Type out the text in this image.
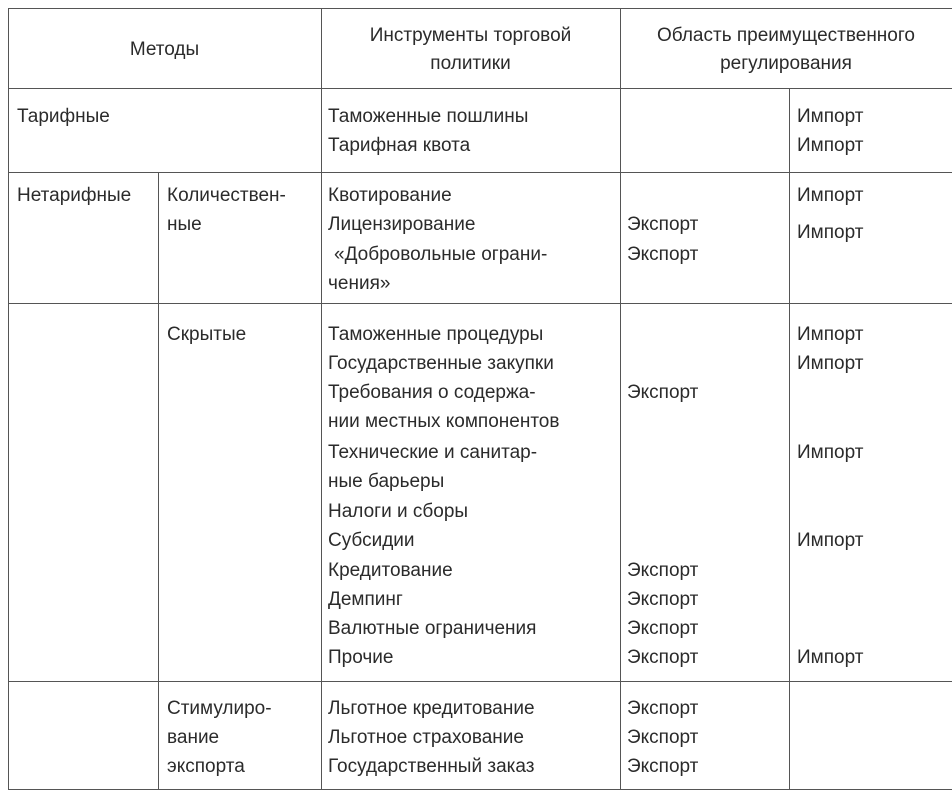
Методы
Инструменты торговой
политики
Область преимущественного
регулирования
Тарифные	Таможенные пошлины
Тарифная квота
Импорт
Импорт
Нетарифные Количествен-
ные
Квотирование
Лицензирование
«Добровольные ограни-
чения»
Экспорт
Экспорт
Импорт
Импорт
Скрытые	Таможенные процедуры
Государственные закупки
Требования о содержа-
нии местных компонентов
Технические и санитар-
ные барьеры
Налоги и сборы
Субсидии
Кредитование
Демпинг
Валютные ограничения
Прочие
Экспорт
Экспорт
Экспорт
Экспорт
Экспорт
Импорт
Импорт
Импорт
Импорт
Импорт
Стимулиро-
вание
экспорта
Льготное кредитование
Льготное страхование
Государственный заказ
Экспорт
Экспорт
Экспорт
